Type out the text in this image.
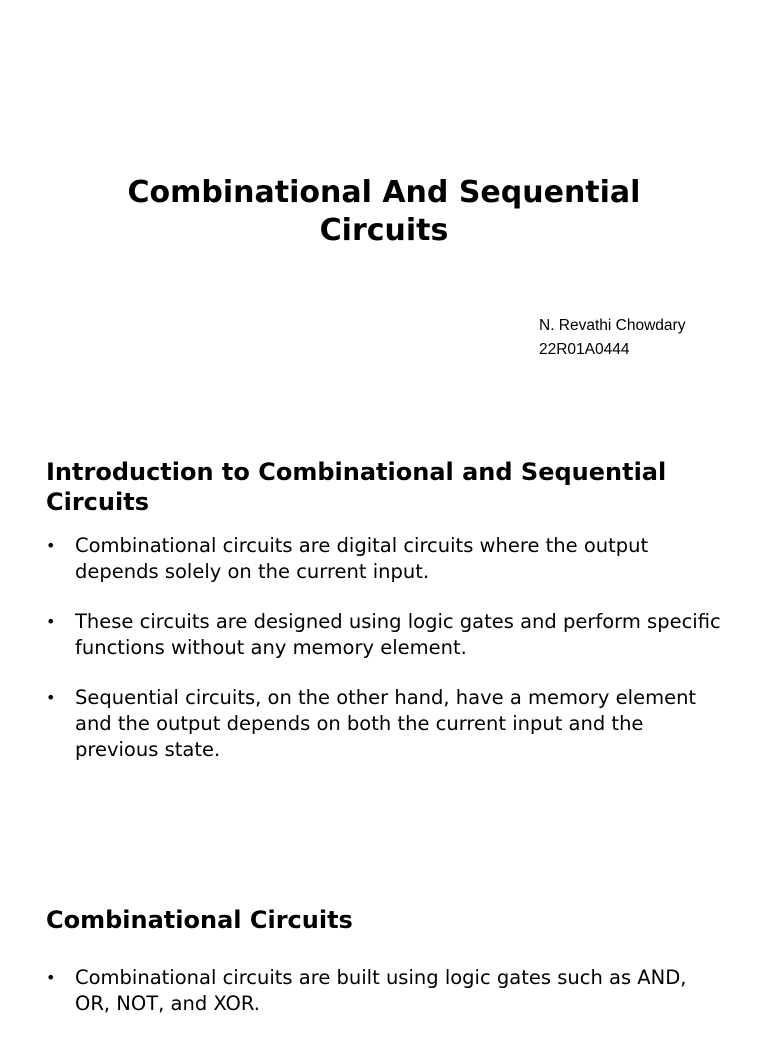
Combinational And Sequential Circuits
N. Revathi Chowdary
22R01A0444
Introduction to Combinational and Sequential Circuits
• Combinational circuits are digital circuits where the output depends solely on the current input.
• These circuits are designed using logic gates and perform specific functions without any memory element.
• Sequential circuits, on the other hand, have a memory element and the output depends on both the current input and the previous state.
Combinational Circuits
• Combinational circuits are built using logic gates such as AND, OR, NOT, and XOR.
